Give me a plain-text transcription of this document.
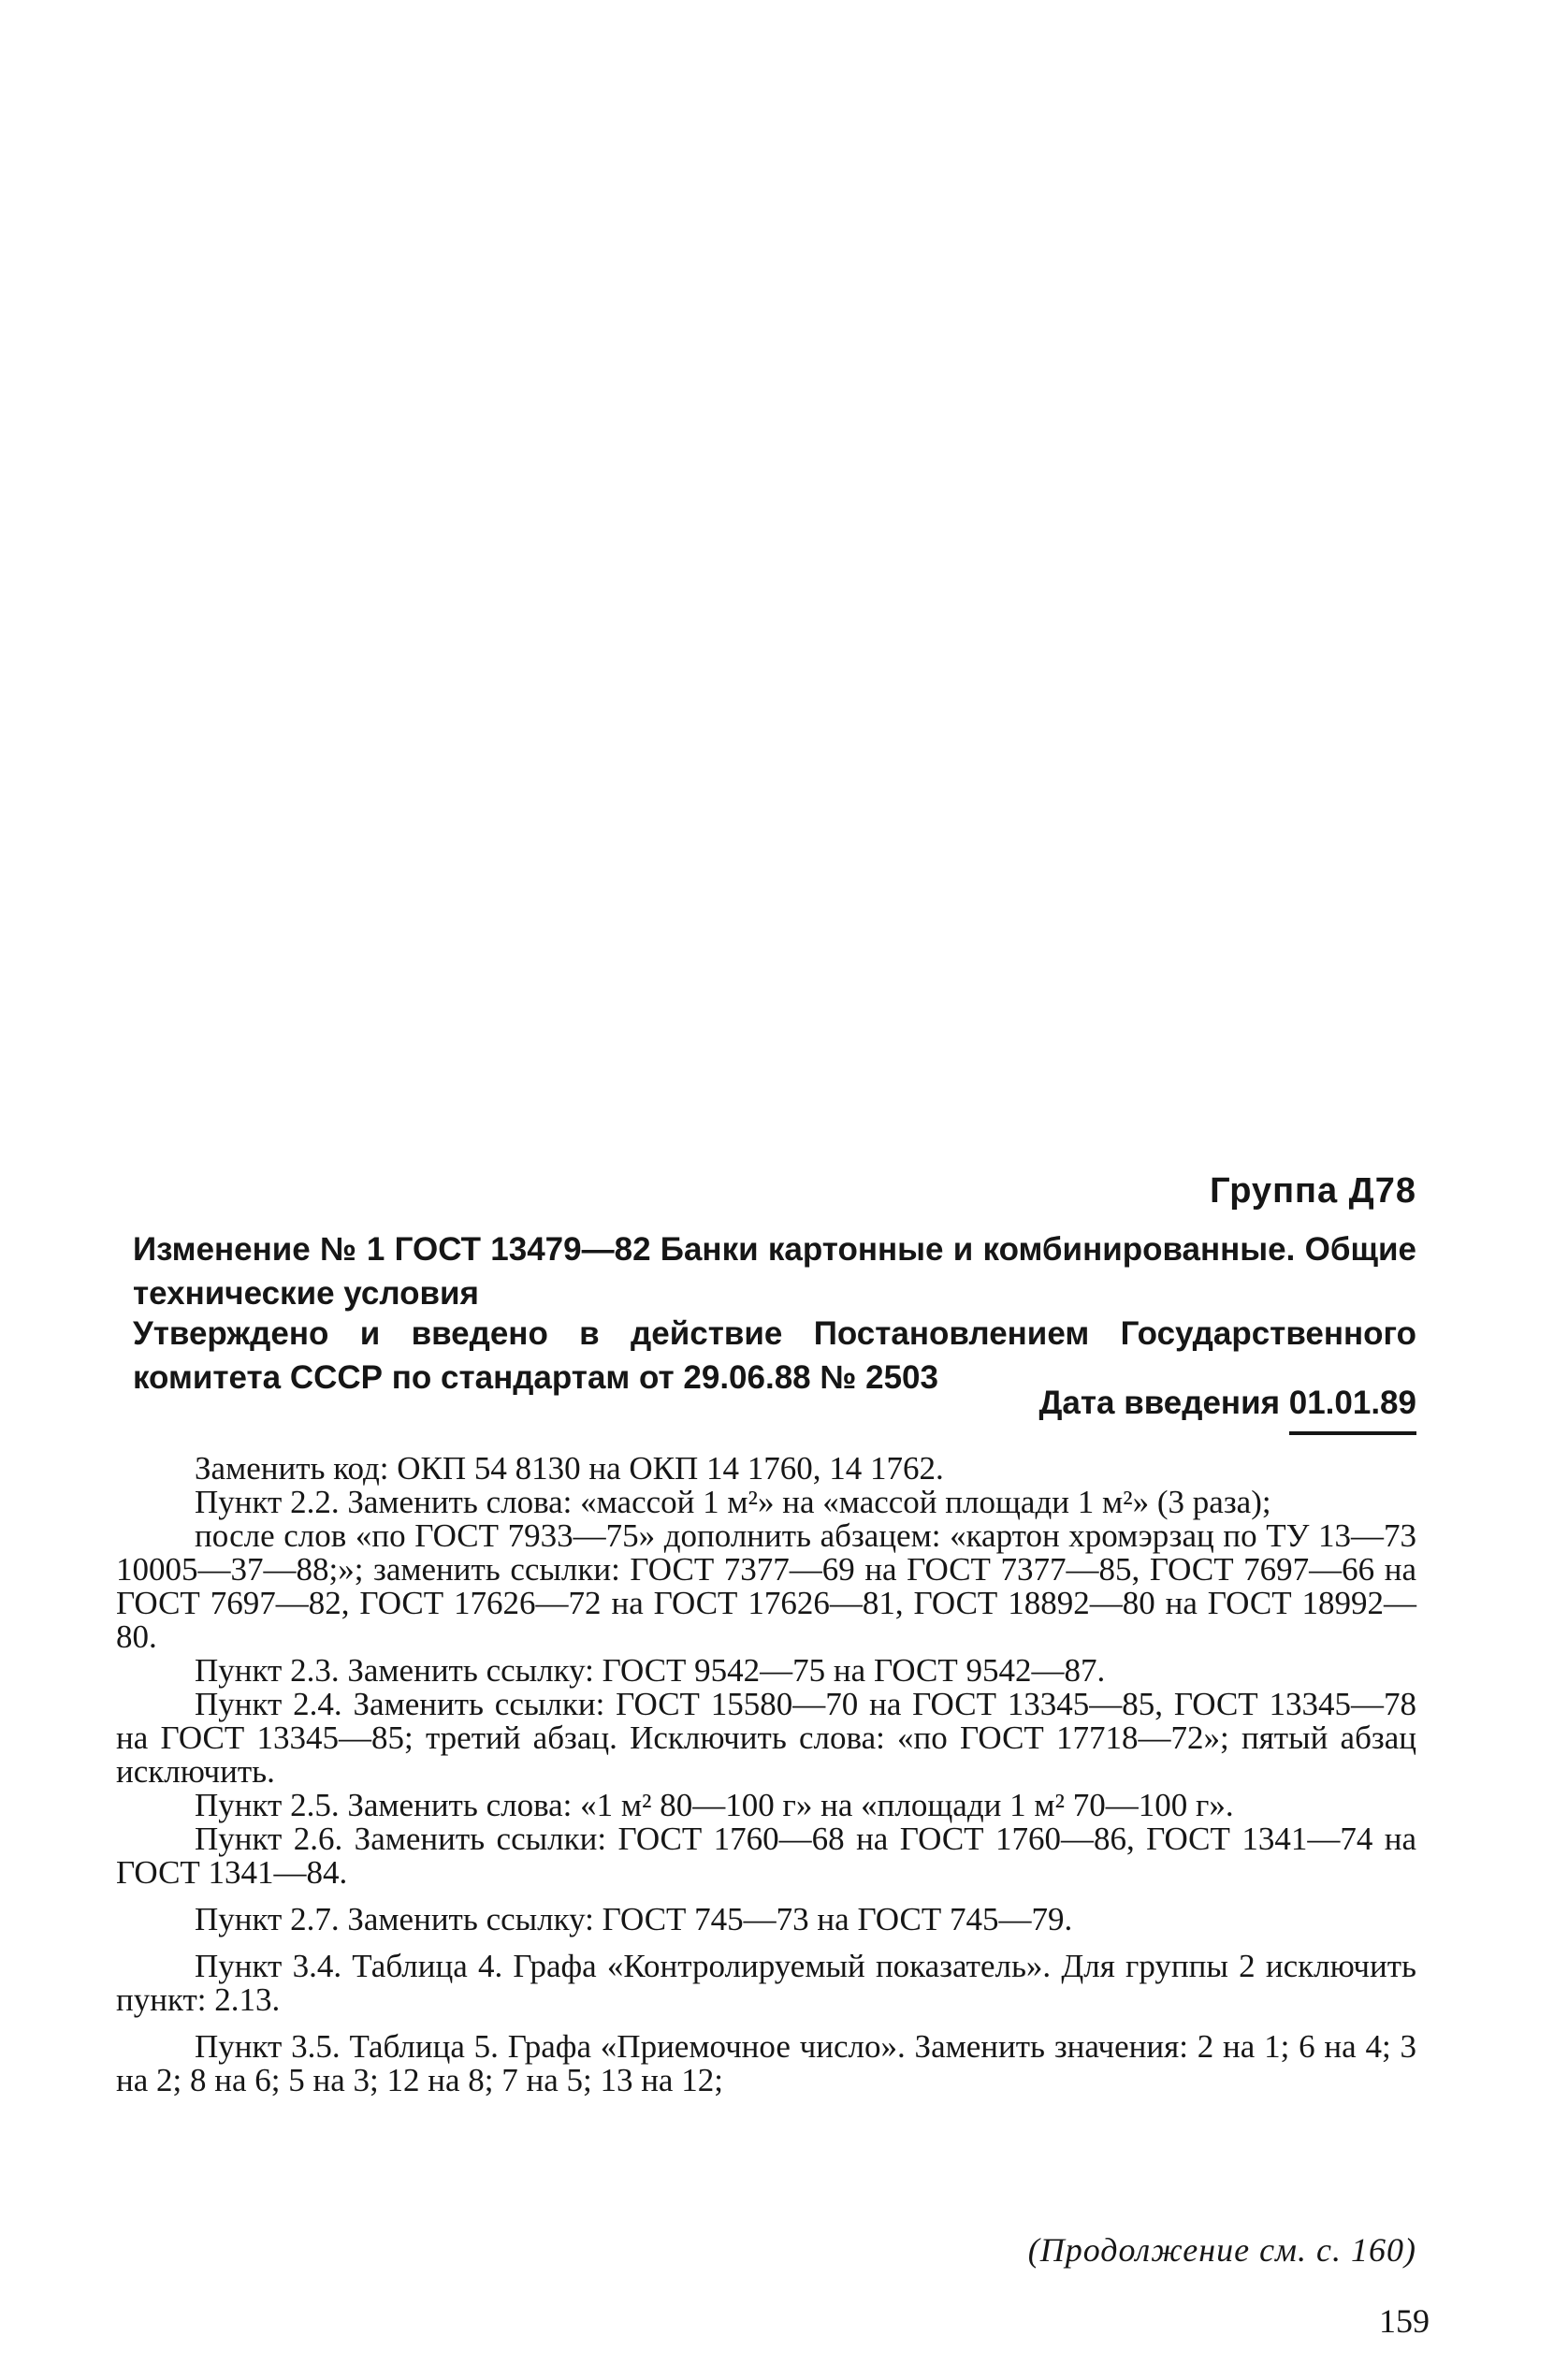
Группа Д78
Изменение № 1 ГОСТ 13479—82 Банки картонные и комбинированные. Общие технические условия
Утверждено и введено в действие Постановлением Государственного комитета СССР по стандартам от 29.06.88 № 2503
Дата введения 01.01.89

Заменить код: ОКП 54 8130 на ОКП 14 1760, 14 1762.

Пункт 2.2. Заменить слова: «массой 1 м²» на «массой площади 1 м²» (3 раза);

после слов «по ГОСТ 7933—75» дополнить абзацем: «картон хромэрзац по ТУ 13—73 10005—37—88;»; заменить ссылки: ГОСТ 7377—69 на ГОСТ 7377—85, ГОСТ 7697—66 на ГОСТ 7697—82, ГОСТ 17626—72 на ГОСТ 17626—81, ГОСТ 18892—80 на ГОСТ 18992—80.

Пункт 2.3. Заменить ссылку: ГОСТ 9542—75 на ГОСТ 9542—87.

Пункт 2.4. Заменить ссылки: ГОСТ 15580—70 на ГОСТ 13345—85, ГОСТ 13345—78 на ГОСТ 13345—85; третий абзац. Исключить слова: «по ГОСТ 17718—72»; пятый абзац исключить.

Пункт 2.5. Заменить слова: «1 м² 80—100 г» на «площади 1 м² 70—100 г».

Пункт 2.6. Заменить ссылки: ГОСТ 1760—68 на ГОСТ 1760—86, ГОСТ 1341—74 на ГОСТ 1341—84.

Пункт 2.7. Заменить ссылку: ГОСТ 745—73 на ГОСТ 745—79.

Пункт 3.4. Таблица 4. Графа «Контролируемый показатель». Для группы 2 исключить пункт: 2.13.

Пункт 3.5. Таблица 5. Графа «Приемочное число». Заменить значения: 2 на 1; 6 на 4; 3 на 2; 8 на 6; 5 на 3; 12 на 8; 7 на 5; 13 на 12;

(Продолжение см. с. 160)
159
